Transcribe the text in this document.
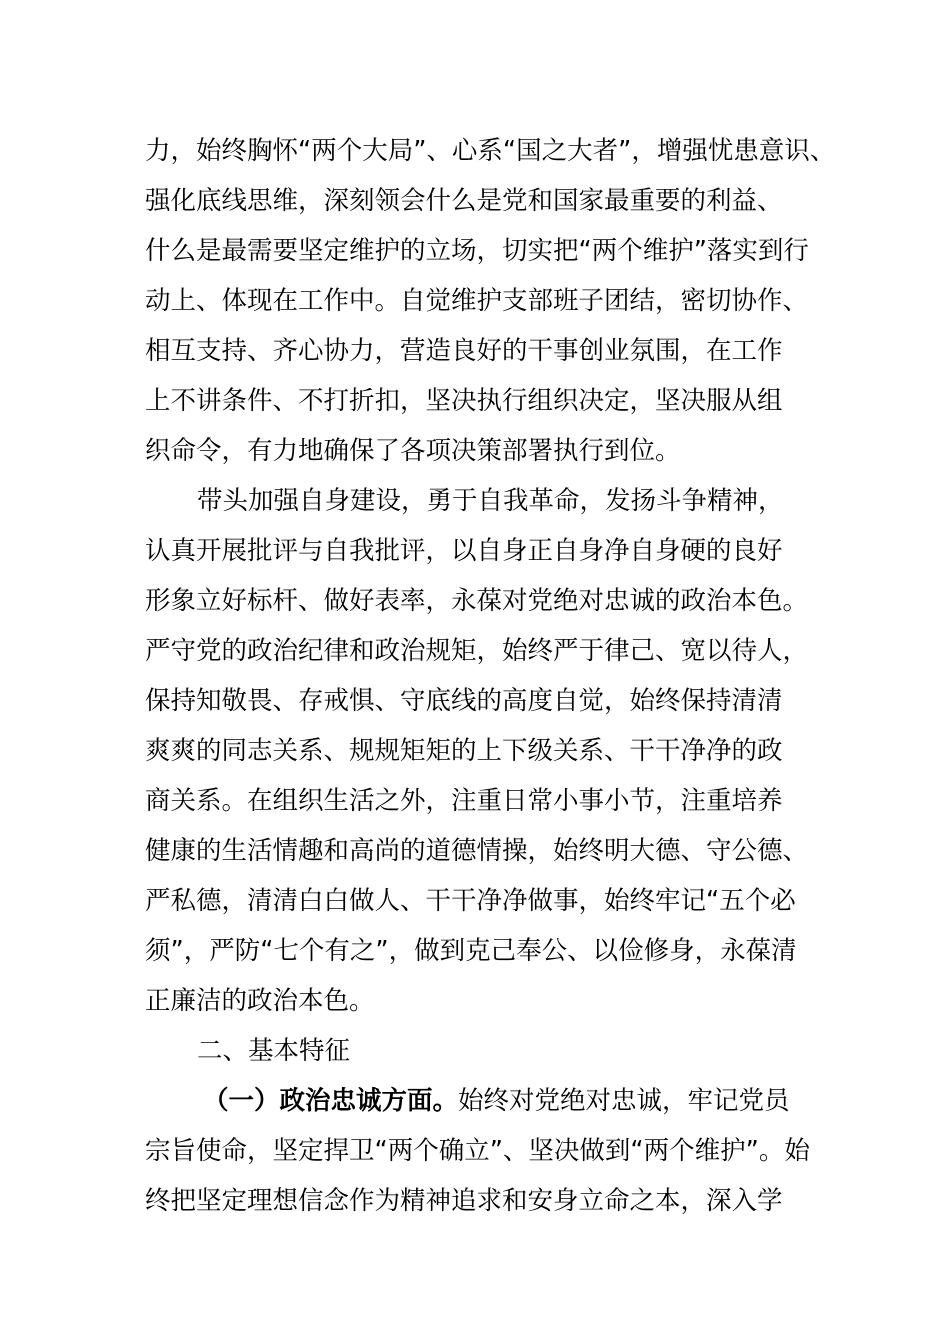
力，始终胸怀“两个大局”、心系“国之大者”，增强忧患意识、
强化底线思维，深刻领会什么是党和国家最重要的利益、
什么是最需要坚定维护的立场，切实把“两个维护”落实到行
动上、体现在工作中。自觉维护支部班子团结，密切协作、
相互支持、齐心协力，营造良好的干事创业氛围，在工作
上不讲条件、不打折扣，坚决执行组织决定，坚决服从组
织命令，有力地确保了各项决策部署执行到位。
带头加强自身建设，勇于自我革命，发扬斗争精神，
认真开展批评与自我批评，以自身正自身净自身硬的良好
形象立好标杆、做好表率，永葆对党绝对忠诚的政治本色。
严守党的政治纪律和政治规矩，始终严于律己、宽以待人，
保持知敬畏、存戒惧、守底线的高度自觉，始终保持清清
爽爽的同志关系、规规矩矩的上下级关系、干干净净的政
商关系。在组织生活之外，注重日常小事小节，注重培养
健康的生活情趣和高尚的道德情操，始终明大德、守公德、
严私德，清清白白做人、干干净净做事，始终牢记“五个必
须”，严防“七个有之”，做到克己奉公、以俭修身，永葆清
正廉洁的政治本色。
二、基本特征
（一）政治忠诚方面。始终对党绝对忠诚，牢记党员
宗旨使命，坚定捍卫“两个确立”、坚决做到“两个维护”。始
终把坚定理想信念作为精神追求和安身立命之本，深入学
